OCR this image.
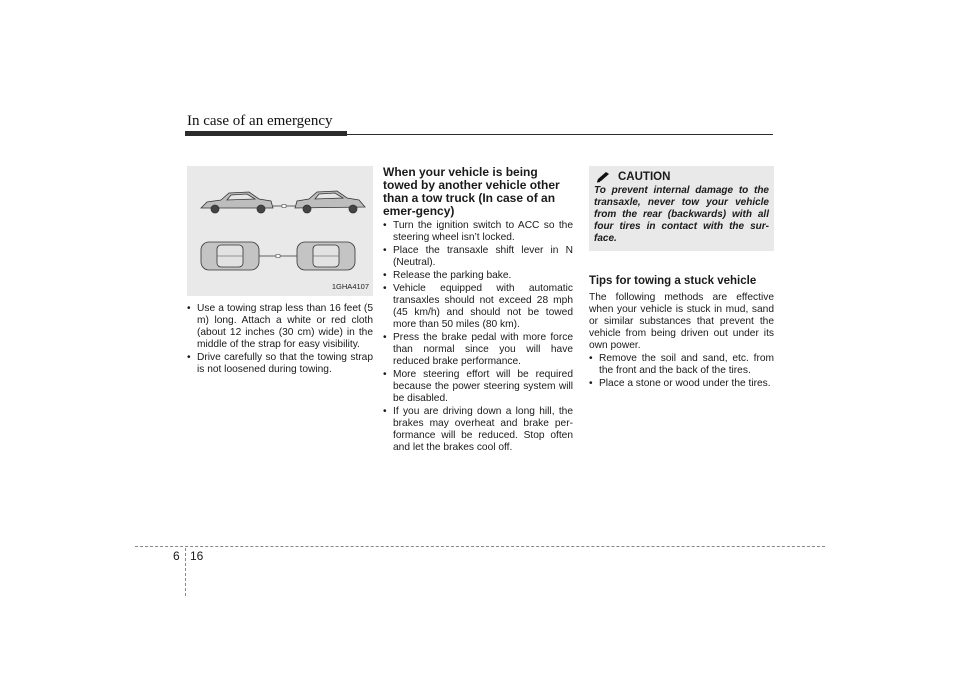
In case of an emergency
1GHA4107
• Use a towing strap less than 16 feet (5 m) long. Attach a white or red cloth (about 12 inches (30 cm) wide) in the middle of the strap for easy visibility.
• Drive carefully so that the towing strap is not loosened during towing.
When your vehicle is being towed by another vehicle other than a tow truck (In case of an emer-gency)
• Turn the ignition switch to ACC so the steering wheel isn’t locked.
• Place the transaxle shift lever in N (Neutral).
• Release the parking bake.
• Vehicle equipped with automatic transaxles should not exceed 28 mph (45 km/h) and should not be towed more than 50 miles (80 km).
• Press the brake pedal with more force than normal since you will have reduced brake performance.
• More steering effort will be required because the power steering system will be disabled.
• If you are driving down a long hill, the brakes may overheat and brake per-formance will be reduced. Stop often and let the brakes cool off.
CAUTION
To prevent internal damage to the transaxle, never tow your vehicle from the rear (backwards) with all four tires in contact with the sur-face.
Tips for towing a stuck vehicle
The following methods are effective when your vehicle is stuck in mud, sand or similar substances that prevent the vehicle from being driven out under its own power.
• Remove the soil and sand, etc. from the front and the back of the tires.
• Place a stone or wood under the tires.
6 16
